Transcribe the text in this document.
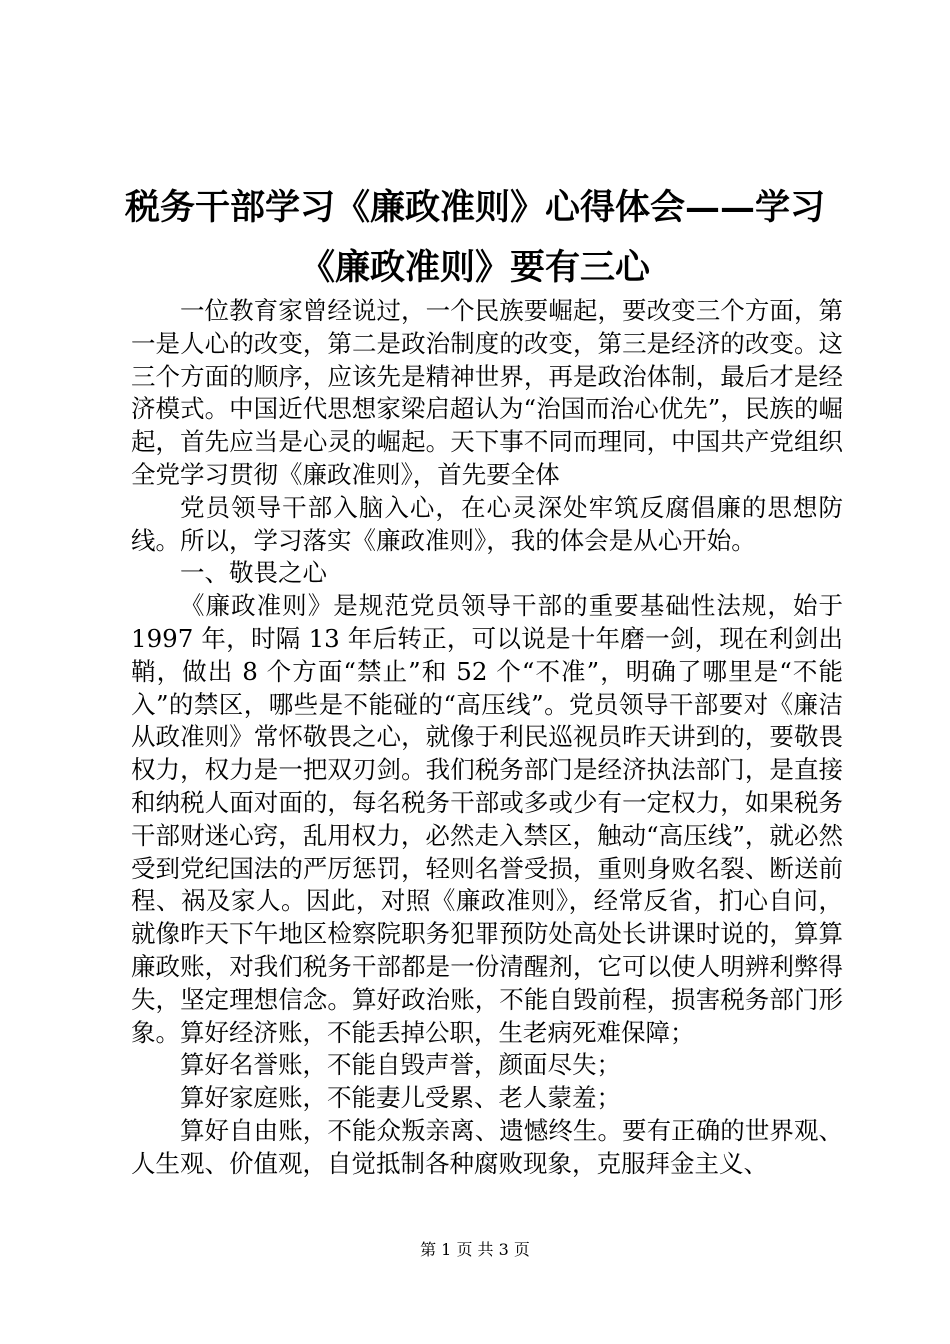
税务干部学习《廉政准则》心得体会——学习
《廉政准则》要有三心

一位教育家曾经说过，一个民族要崛起，要改变三个方面，第一是人心的改变，第二是政治制度的改变，第三是经济的改变。这三个方面的顺序，应该先是精神世界，再是政治体制，最后才是经济模式。中国近代思想家梁启超认为“治国而治心优先”，民族的崛起，首先应当是心灵的崛起。天下事不同而理同，中国共产党组织全党学习贯彻《廉政准则》，首先要全体

党员领导干部入脑入心，在心灵深处牢筑反腐倡廉的思想防线。所以，学习落实《廉政准则》，我的体会是从心开始。

一、敬畏之心

《廉政准则》是规范党员领导干部的重要基础性法规，始于 1997 年，时隔 13 年后转正，可以说是十年磨一剑，现在利剑出鞘，做出 8 个方面“禁止”和 52 个“不准”，明确了哪里是“不能入”的禁区，哪些是不能碰的“高压线”。党员领导干部要对《廉洁从政准则》常怀敬畏之心，就像于利民巡视员昨天讲到的，要敬畏权力，权力是一把双刃剑。我们税务部门是经济执法部门，是直接和纳税人面对面的，每名税务干部或多或少有一定权力，如果税务干部财迷心窍，乱用权力，必然走入禁区，触动“高压线”，就必然受到党纪国法的严厉惩罚，轻则名誉受损，重则身败名裂、断送前程、祸及家人。因此，对照《廉政准则》，经常反省，扪心自问，就像昨天下午地区检察院职务犯罪预防处高处长讲课时说的，算算廉政账，对我们税务干部都是一份清醒剂，它可以使人明辨利弊得失，坚定理想信念。算好政治账，不能自毁前程，损害税务部门形象。算好经济账，不能丢掉公职，生老病死难保障；

算好名誉账，不能自毁声誉，颜面尽失；

算好家庭账，不能妻儿受累、老人蒙羞；

算好自由账，不能众叛亲离、遗憾终生。要有正确的世界观、人生观、价值观，自觉抵制各种腐败现象，克服拜金主义、

第 1 页 共 3 页
